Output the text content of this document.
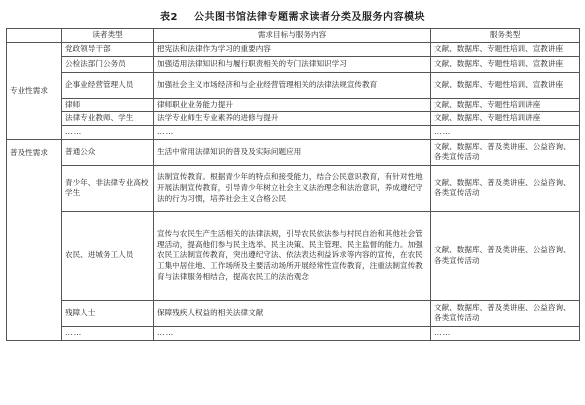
表2 公共图书馆法律专题需求读者分类及服务内容模块
	读者类型	需求目标与服务内容	服务类型
专业性需求	党政领导干部	把宪法和法律作为学习的重要内容	文献、数据库、专题性培训、宣教讲座
	公检法部门公务员	加强适用法律知识和与履行职责相关的专门法律知识学习	文献、数据库、专题性培训、宣教讲座
	企事业经营管理人员	加强社会主义市场经济和与企业经营管理相关的法律法规宣传教育	文献、数据库、专题性培训、宣教讲座
	律师	律师职业业务能力提升	文献、数据库、专题性培训讲座
	法律专业教师、学生	法学专业师生专业素养的进修与提升	文献、数据库、专题性培训讲座
	……	……	……
普及性需求	普通公众	生活中常用法律知识的普及及实际问题应用	文献、数据库、普及类讲座、公益咨询、各类宣传活动
	青少年、非法律专业高校学生	法制宣传教育。根据青少年的特点和接受能力，结合公民意识教育，有针对性地开展法制宣传教育，引导青少年树立社会主义法治理念和法治意识，养成遵纪守法的行为习惯，培养社会主义合格公民	文献、数据库、普及类讲座、公益咨询、各类宣传活动
	农民、进城务工人员	宣传与农民生产生活相关的法律法规，引导农民依法参与村民自治和其他社会管理活动，提高他们参与民主选举、民主决策、民主管理、民主监督的能力。加强农民工法制宣传教育，突出遵纪守法、依法表达利益诉求等内容的宣传，在农民工集中居住地、工作场所及主要活动场所开展经常性宣传教育，注重法制宣传教育与法律服务相结合，提高农民工的法治观念	文献、数据库、普及类讲座、公益咨询、各类宣传活动
	残障人士	保障残疾人权益的相关法律文献	文献、数据库、普及类讲座、公益咨询、各类宣传活动
	……	……	……
